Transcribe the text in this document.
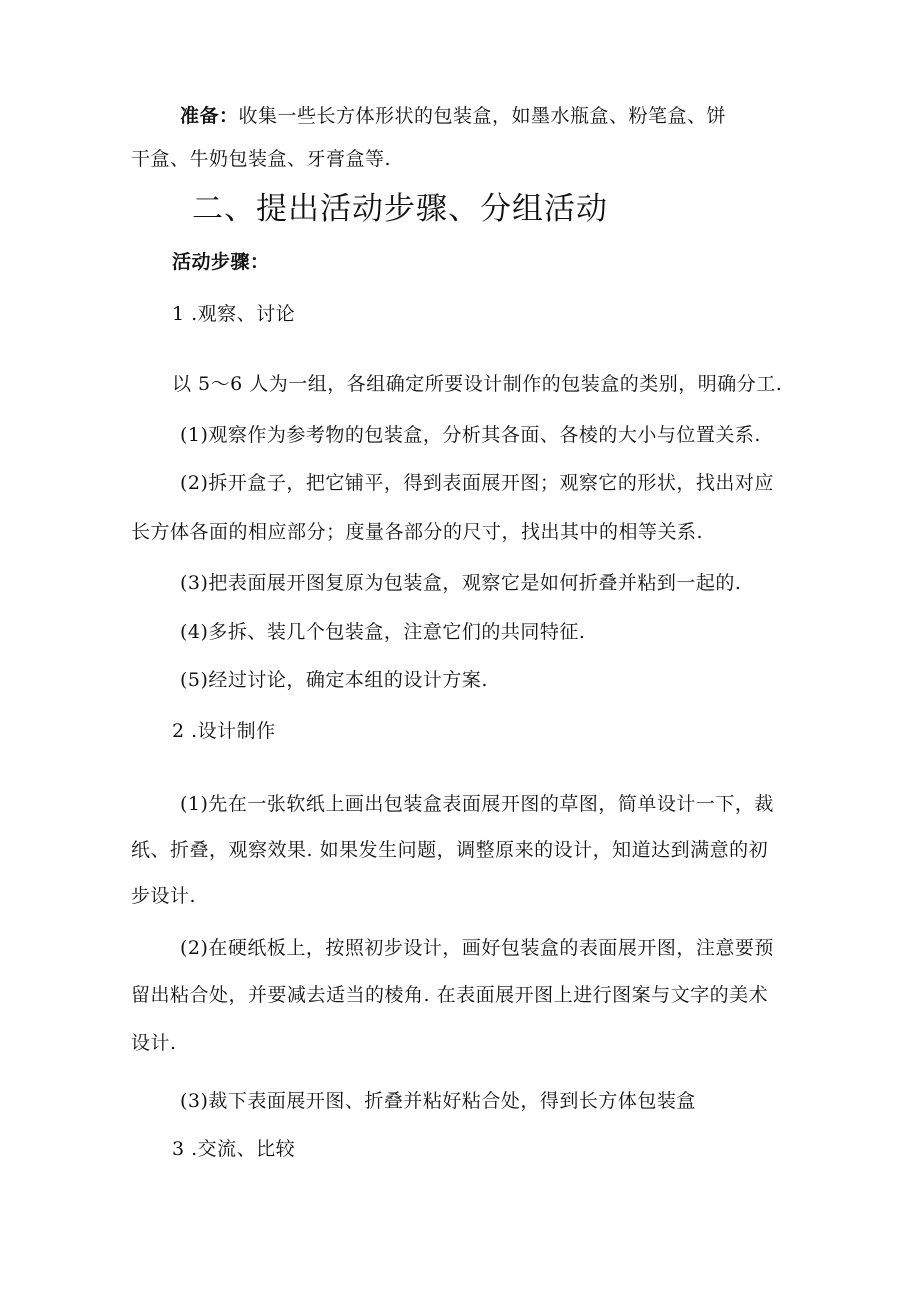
准备：收集一些长方体形状的包装盒，如墨水瓶盒、粉笔盒、饼
干盒、牛奶包装盒、牙膏盒等.
二、提出活动步骤、分组活动
活动步骤：
1 .观察、讨论
以 5～6 人为一组，各组确定所要设计制作的包装盒的类别，明确分工.
(1)观察作为参考物的包装盒，分析其各面、各棱的大小与位置关系.
(2)拆开盒子，把它铺平，得到表面展开图；观察它的形状，找出对应
长方体各面的相应部分；度量各部分的尺寸，找出其中的相等关系.
(3)把表面展开图复原为包装盒，观察它是如何折叠并粘到一起的.
(4)多拆、装几个包装盒，注意它们的共同特征.
(5)经过讨论，确定本组的设计方案.
2 .设计制作
(1)先在一张软纸上画出包装盒表面展开图的草图，简单设计一下，裁
纸、折叠，观察效果. 如果发生问题，调整原来的设计，知道达到满意的初
步设计.
(2)在硬纸板上，按照初步设计，画好包装盒的表面展开图，注意要预
留出粘合处，并要减去适当的棱角. 在表面展开图上进行图案与文字的美术
设计.
(3)裁下表面展开图、折叠并粘好粘合处，得到长方体包装盒
3 .交流、比较
